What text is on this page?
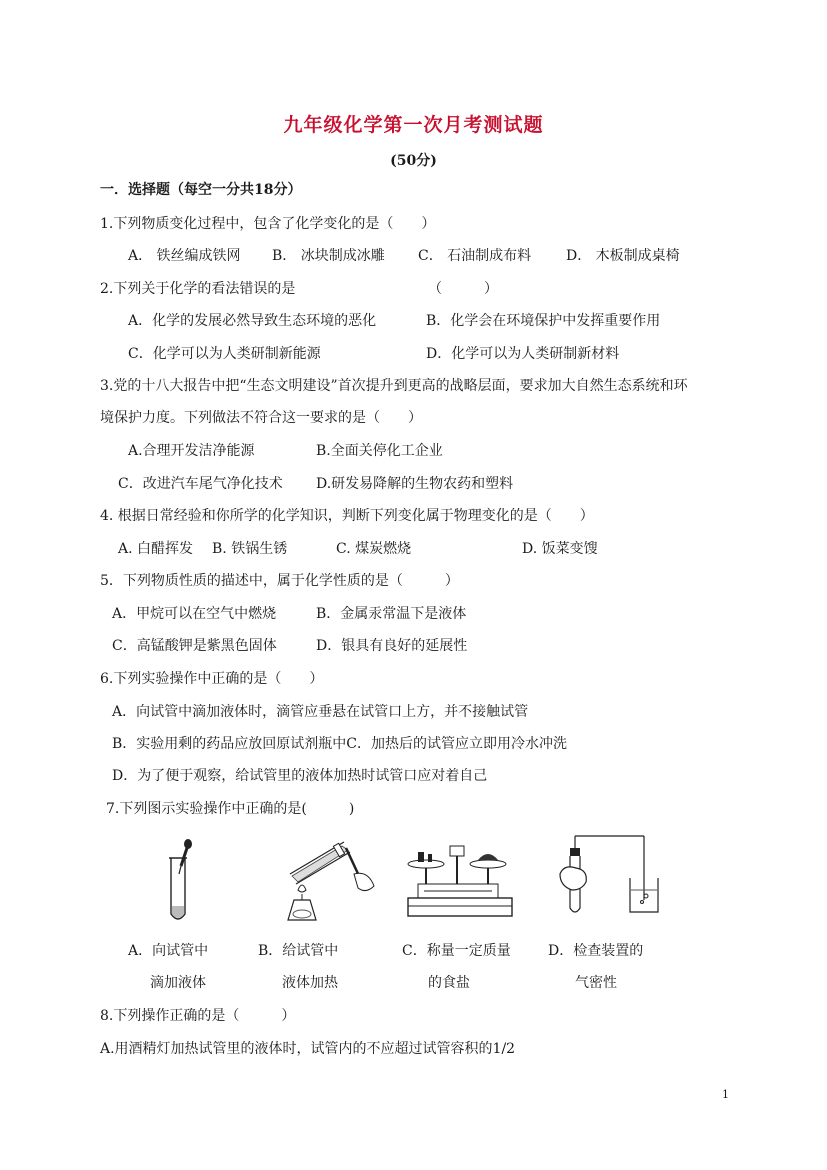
九年级化学第一次月考测试题
(50分)
一．选择题（每空一分共18分）
1.下列物质变化过程中，包含了化学变化的是（　　）
A． 铁丝编成铁网 B． 冰块制成冰雕 C． 石油制成布料 D． 木板制成桌椅
2.下列关于化学的看法错误的是	（　　　）
A．化学的发展必然导致生态环境的恶化	B．化学会在环境保护中发挥重要作用
C．化学可以为人类研制新能源	D．化学可以为人类研制新材料
3.党的十八大报告中把“生态文明建设”首次提升到更高的战略层面，要求加大自然生态系统和环
境保护力度。下列做法不符合这一要求的是（　　）
A.合理开发洁净能源	B.全面关停化工企业
C．改进汽车尾气净化技术 D.研发易降解的生物农药和塑料
4. 根据日常经验和你所学的化学知识，判断下列变化属于物理变化的是（　　）
A. 白醋挥发 B. 铁锅生锈	C. 煤炭燃烧	D. 饭菜变馊
5．下列物质性质的描述中，属于化学性质的是（　　　）
A．甲烷可以在空气中燃烧	B．金属汞常温下是液体
C．高锰酸钾是紫黑色固体	D．银具有良好的延展性
6.下列实验操作中正确的是（　　）
A．向试管中滴加液体时，滴管应垂悬在试管口上方，并不接触试管
B．实验用剩的药品应放回原试剂瓶中C．加热后的试管应立即用冷水冲洗
D．为了便于观察，给试管里的液体加热时试管口应对着自己
7.下列图示实验操作中正确的是(　　　)
A．向试管中
滴加液体
B．给试管中
液体加热
C．称量一定质量
的食盐
D．检查装置的
气密性
8.下列操作正确的是（　　　）
A.用酒精灯加热试管里的液体时，试管内的不应超过试管容积的1/2
1
